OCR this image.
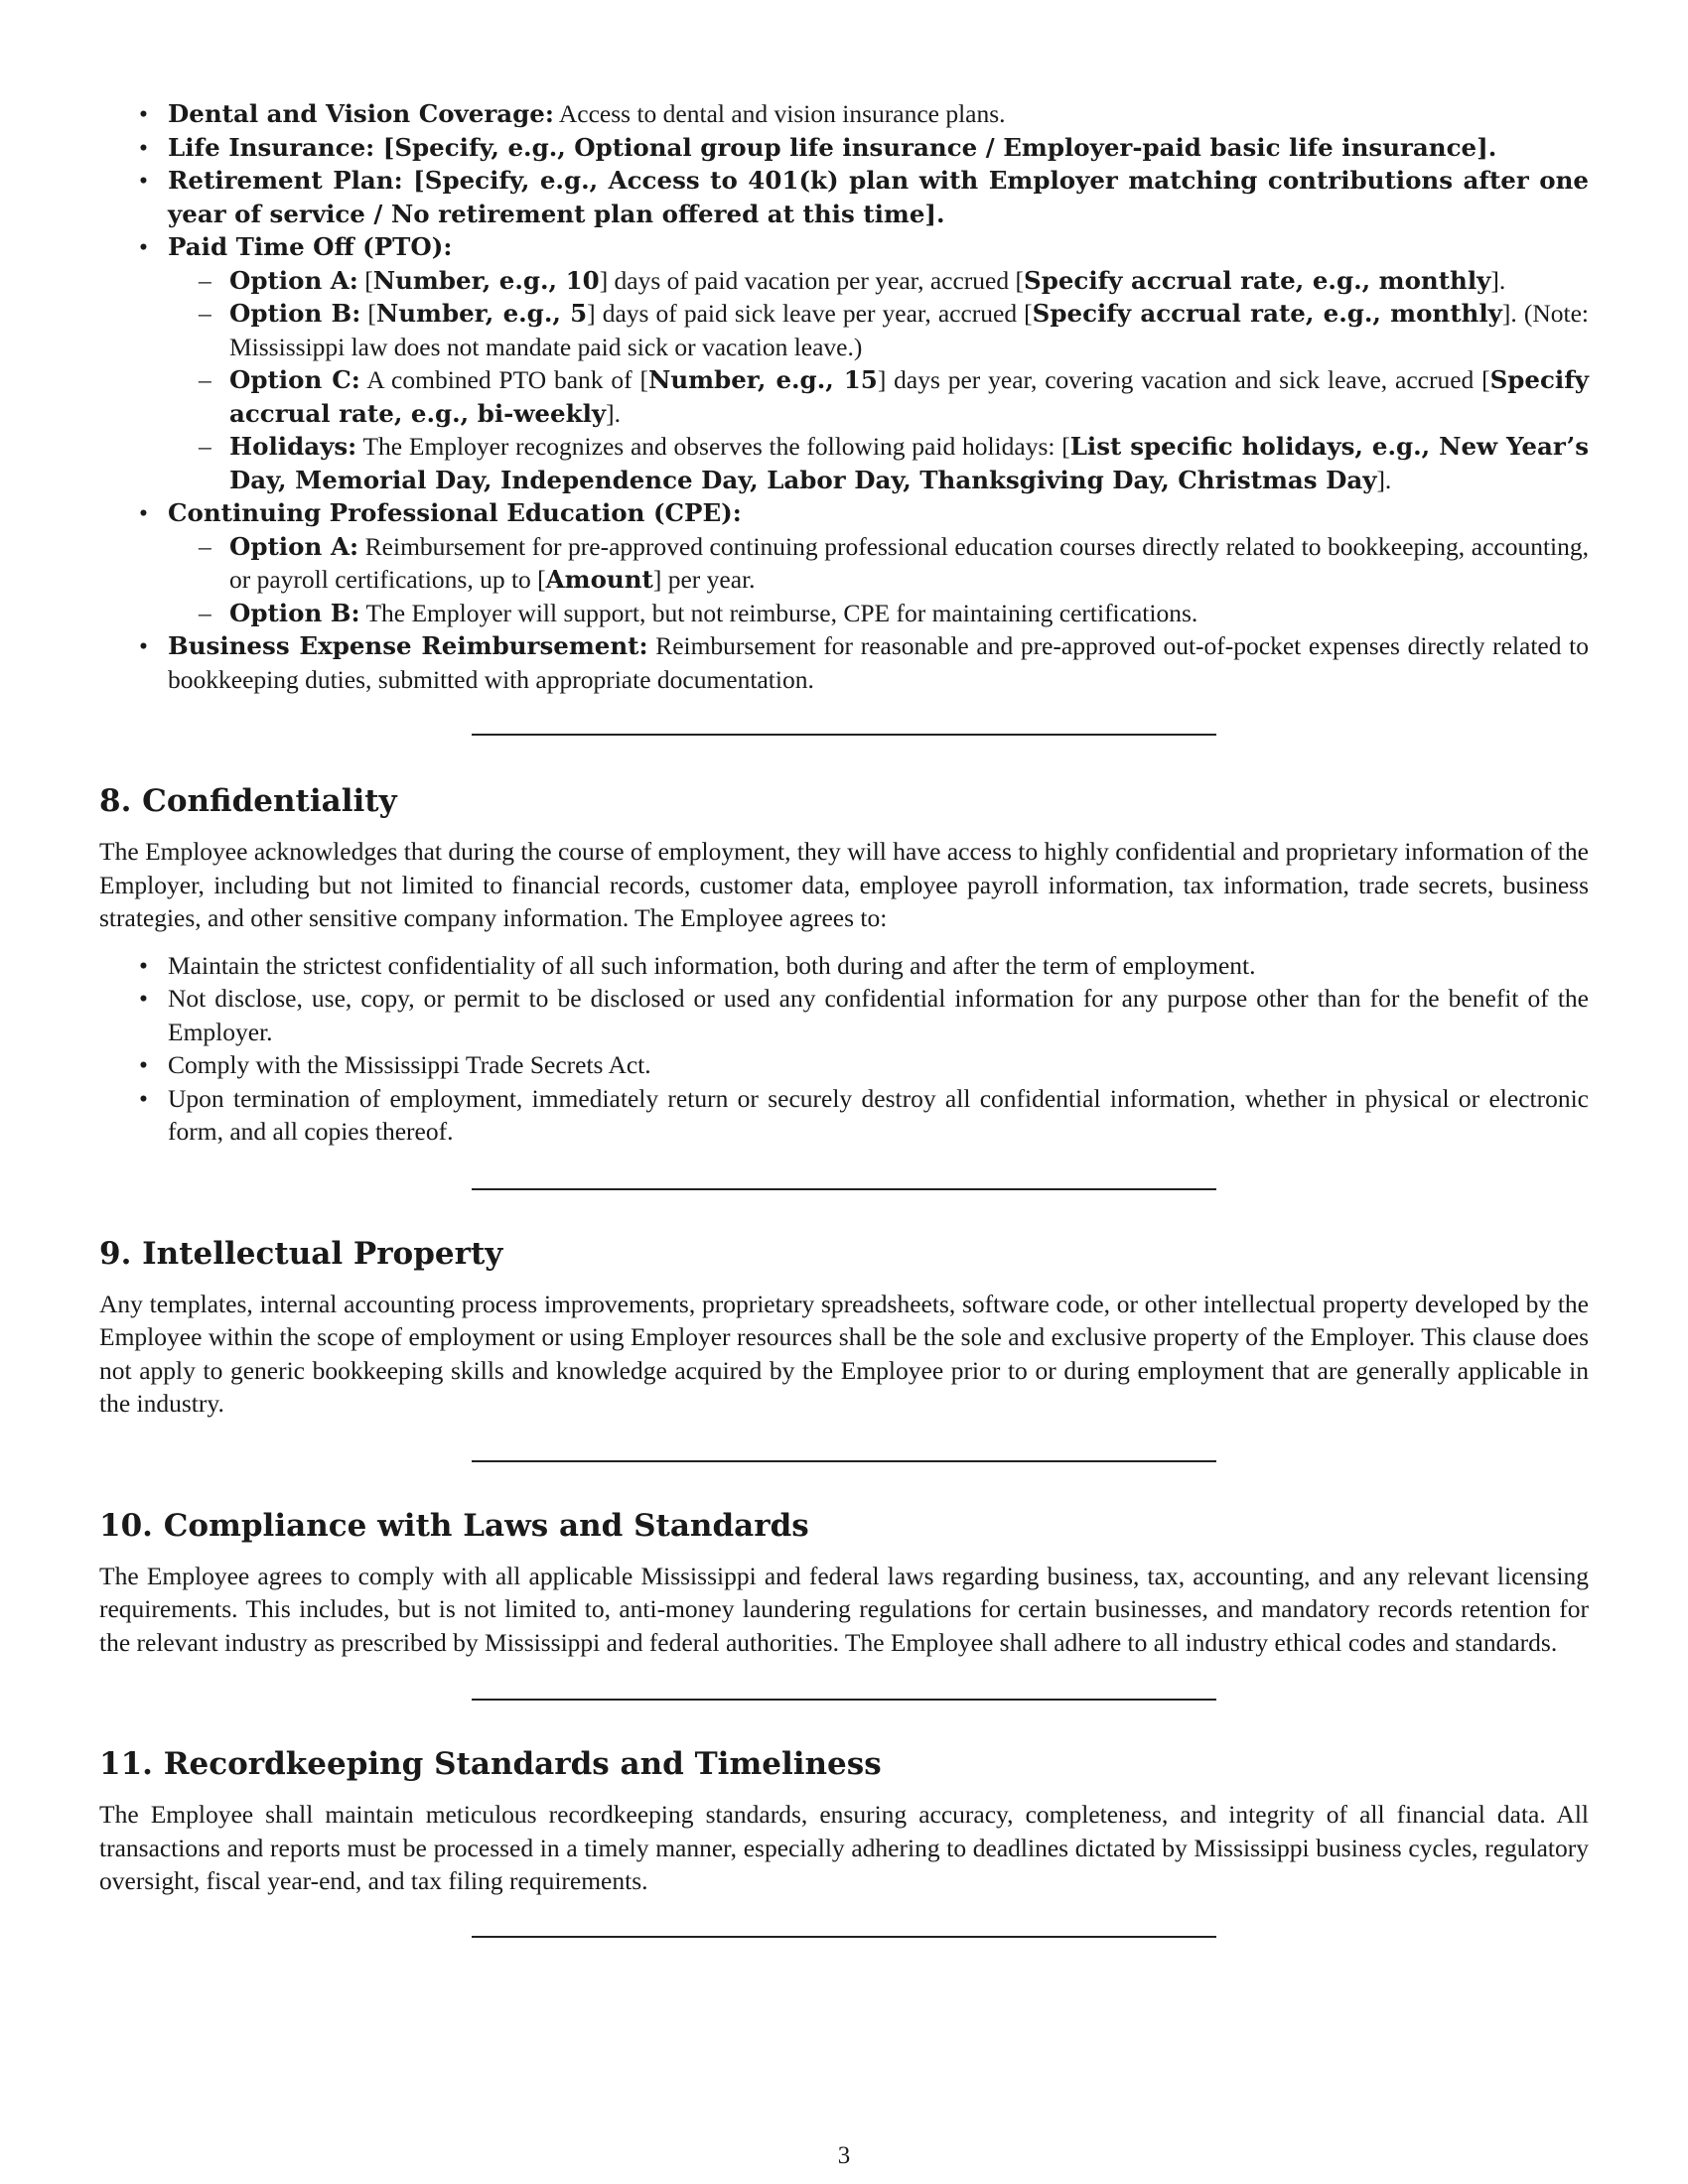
• Dental and Vision Coverage: Access to dental and vision insurance plans.
• Life Insurance: [Specify, e.g., Optional group life insurance / Employer-paid basic life insurance].
• Retirement Plan: [Specify, e.g., Access to 401(k) plan with Employer matching contributions after one year of service / No retirement plan offered at this time].
• Paid Time Off (PTO):
– Option A: [Number, e.g., 10] days of paid vacation per year, accrued [Specify accrual rate, e.g., monthly].
– Option B: [Number, e.g., 5] days of paid sick leave per year, accrued [Specify accrual rate, e.g., monthly]. (Note: Mississippi law does not mandate paid sick or vacation leave.)
– Option C: A combined PTO bank of [Number, e.g., 15] days per year, covering vacation and sick leave, accrued [Specify accrual rate, e.g., bi-weekly].
– Holidays: The Employer recognizes and observes the following paid holidays: [List specific holidays, e.g., New Year’s Day, Memorial Day, Independence Day, Labor Day, Thanksgiving Day, Christmas Day].
• Continuing Professional Education (CPE):
– Option A: Reimbursement for pre-approved continuing professional education courses directly related to bookkeeping, accounting, or payroll certifications, up to [Amount] per year.
– Option B: The Employer will support, but not reimburse, CPE for maintaining certifications.
• Business Expense Reimbursement: Reimbursement for reasonable and pre-approved out-of-pocket expenses directly related to bookkeeping duties, submitted with appropriate documentation.
8. Confidentiality

The Employee acknowledges that during the course of employment, they will have access to highly confidential and proprietary information of the Employer, including but not limited to financial records, customer data, employee payroll information, tax information, trade secrets, business strategies, and other sensitive company information. The Employee agrees to:

• Maintain the strictest confidentiality of all such information, both during and after the term of employment.
• Not disclose, use, copy, or permit to be disclosed or used any confidential information for any purpose other than for the benefit of the Employer.
• Comply with the Mississippi Trade Secrets Act.
• Upon termination of employment, immediately return or securely destroy all confidential information, whether in physical or electronic form, and all copies thereof.
9. Intellectual Property

Any templates, internal accounting process improvements, proprietary spreadsheets, software code, or other intellectual property developed by the Employee within the scope of employment or using Employer resources shall be the sole and exclusive property of the Employer. This clause does not apply to generic bookkeeping skills and knowledge acquired by the Employee prior to or during employment that are generally applicable in the industry.

10. Compliance with Laws and Standards

The Employee agrees to comply with all applicable Mississippi and federal laws regarding business, tax, accounting, and any relevant licensing requirements. This includes, but is not limited to, anti-money laundering regulations for certain businesses, and mandatory records retention for the relevant industry as prescribed by Mississippi and federal authorities. The Employee shall adhere to all industry ethical codes and standards.

11. Recordkeeping Standards and Timeliness

The Employee shall maintain meticulous recordkeeping standards, ensuring accuracy, completeness, and integrity of all financial data. All transactions and reports must be processed in a timely manner, especially adhering to deadlines dictated by Mississippi business cycles, regulatory oversight, fiscal year-end, and tax filing requirements.

3
